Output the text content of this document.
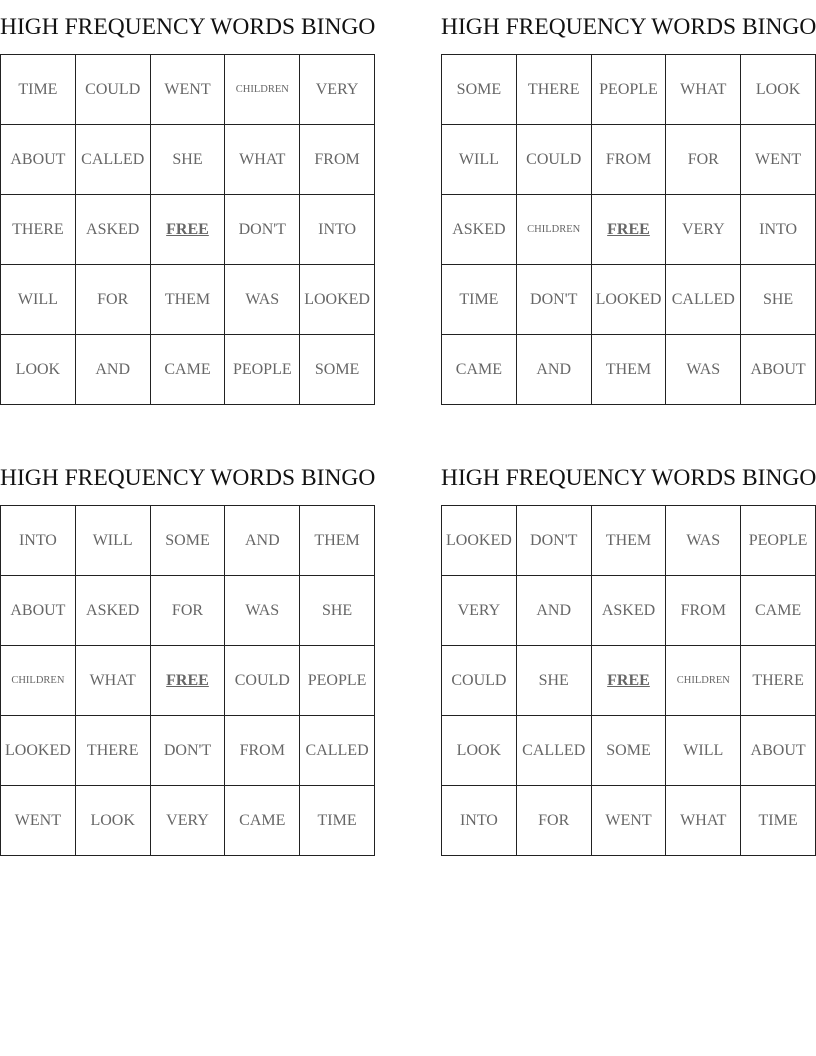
HIGH FREQUENCY WORDS BINGO
TIME	COULD	WENT	CHILDREN	VERY
ABOUT	CALLED	SHE	WHAT	FROM
THERE	ASKED	FREE	DON'T	INTO
WILL	FOR	THEM	WAS	LOOKED
LOOK	AND	CAME	PEOPLE	SOME
HIGH FREQUENCY WORDS BINGO
SOME	THERE	PEOPLE	WHAT	LOOK
WILL	COULD	FROM	FOR	WENT
ASKED	CHILDREN	FREE	VERY	INTO
TIME	DON'T	LOOKED	CALLED	SHE
CAME	AND	THEM	WAS	ABOUT
HIGH FREQUENCY WORDS BINGO
INTO	WILL	SOME	AND	THEM
ABOUT	ASKED	FOR	WAS	SHE
CHILDREN	WHAT	FREE	COULD	PEOPLE
LOOKED	THERE	DON'T	FROM	CALLED
WENT	LOOK	VERY	CAME	TIME
HIGH FREQUENCY WORDS BINGO
LOOKED	DON'T	THEM	WAS	PEOPLE
VERY	AND	ASKED	FROM	CAME
COULD	SHE	FREE	CHILDREN	THERE
LOOK	CALLED	SOME	WILL	ABOUT
INTO	FOR	WENT	WHAT	TIME
